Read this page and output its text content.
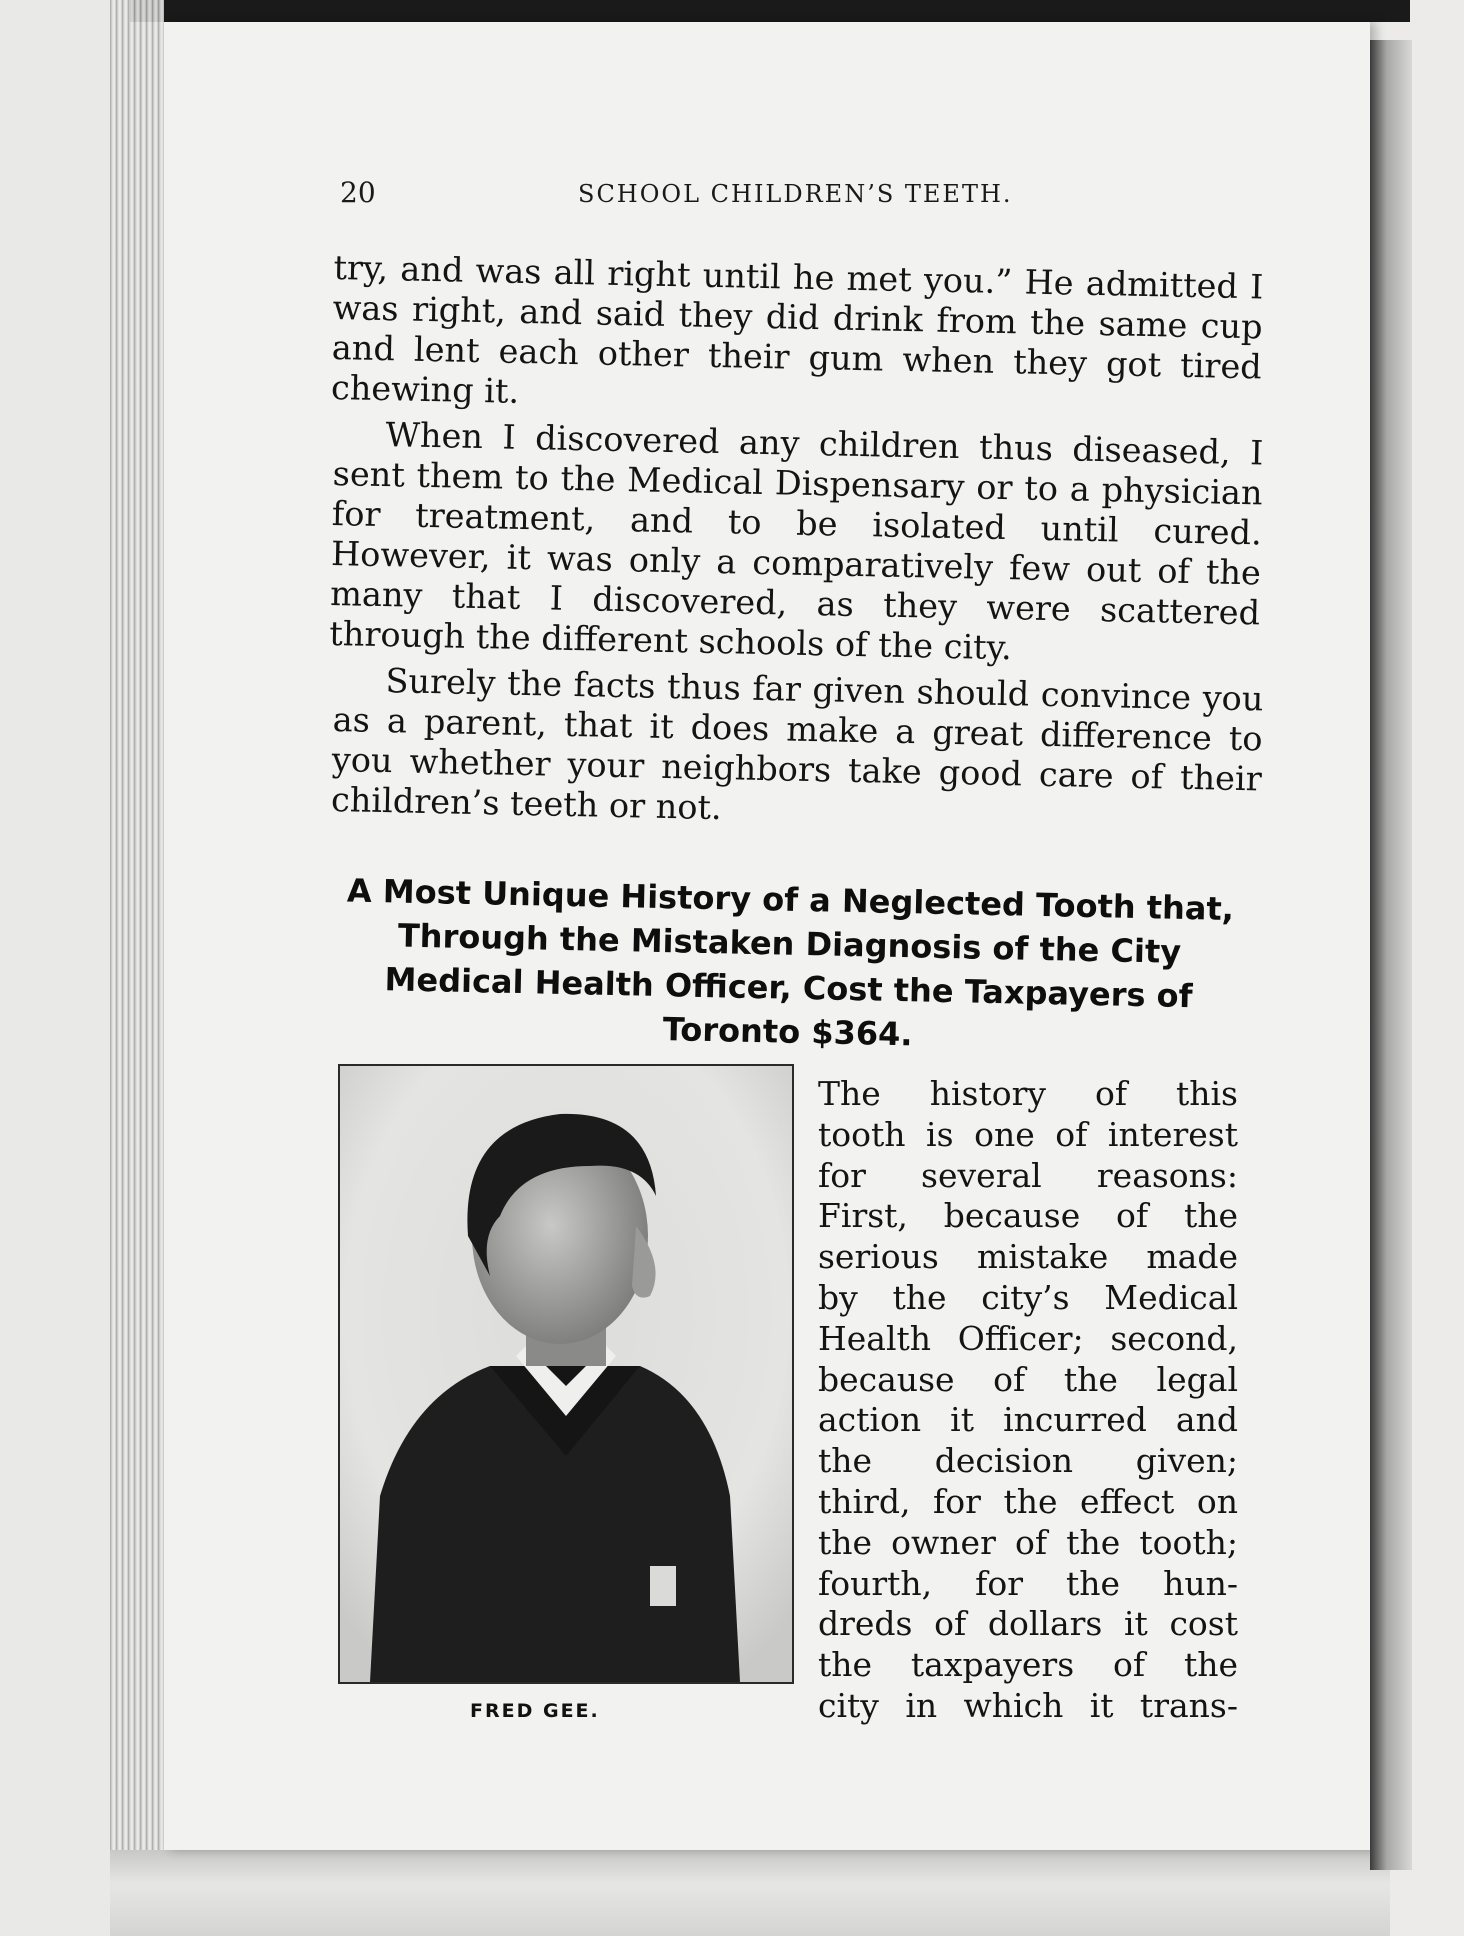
20	SCHOOL CHILDREN’S TEETH.

try, and was all right until he met you.” He admitted I was right, and said they did drink from the same cup and lent each other their gum when they got tired chewing it.

When I discovered any children thus diseased, I sent them to the Medical Dispensary or to a physician for treatment, and to be isolated until cured. However, it was only a comparatively few out of the many that I discovered, as they were scattered through the different schools of the city.

Surely the facts thus far given should convince you as a parent, that it does make a great difference to you whether your neighbors take good care of their children’s teeth or not.

A Most Unique History of a Neglected Tooth that, Through the Mistaken Diagnosis of the City Medical Health Officer, Cost the Taxpayers of Toronto $364.
FRED GEE.
The history of this
tooth is one of interest
for several reasons:
First, because of the
serious mistake made
by the city’s Medical
Health Officer; second,
because of the legal
action it incurred and
the decision given;
third, for the effect on
the owner of the tooth;
fourth, for the hun-
dreds of dollars it cost
the taxpayers of the
city in which it trans-
